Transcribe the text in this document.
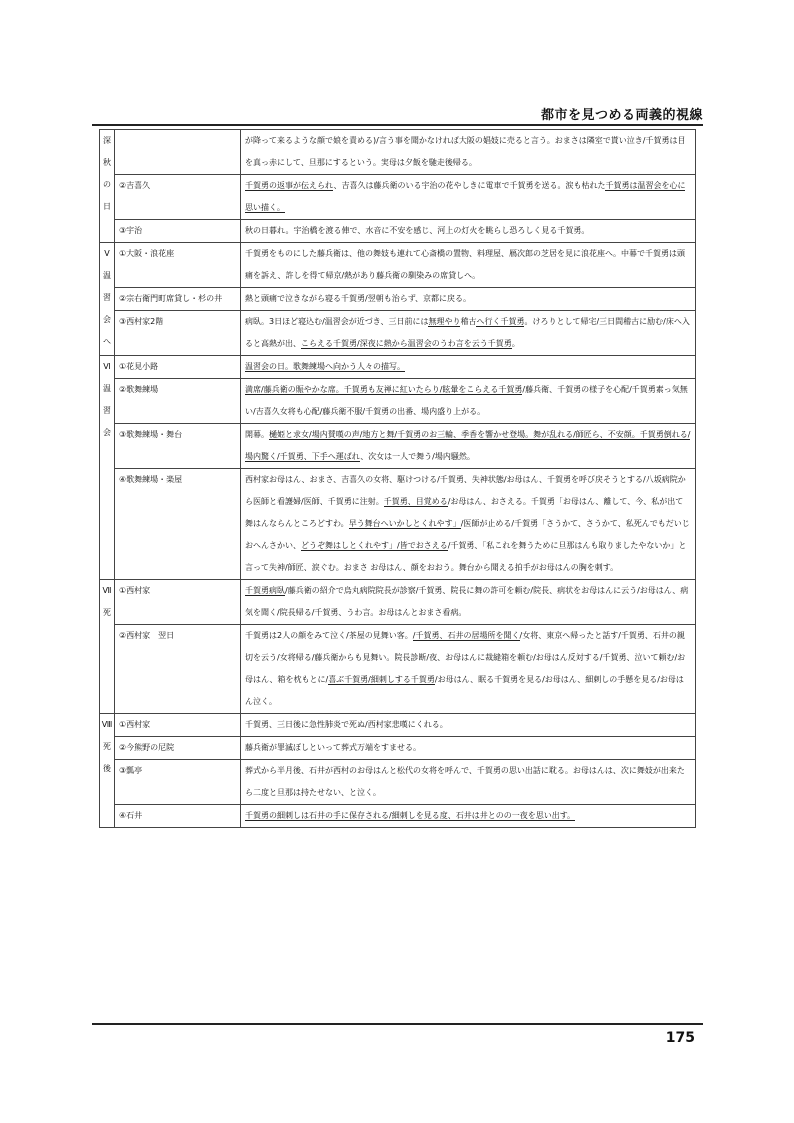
都市を見つめる両義的視線
深
秋
の
日		が降って来るような顔で娘を責める)/言う事を聞かなければ大阪の娼妓に売ると言う。おまさは隣室で貰い泣き/千賀勇は目を真っ赤にして、旦那にするという。実母は夕飯を馳走後帰る。
	②吉喜久	千賀勇の返事が伝えられ、吉喜久は藤兵衛のいる宇治の花やしきに電車で千賀勇を送る。涙も枯れた千賀勇は温習会を心に思い描く。
	③宇治	秋の日暮れ。宇治橋を渡る俥で、水音に不安を感じ、河上の灯火を眺らし恐ろしく見る千賀勇。

Ⅴ
温
習
会
へ	①大阪・浪花座	千賀勇をものにした藤兵衛は、他の舞妓も連れて心斎橋の置物、料理屋、鴈次郎の芝居を見に浪花座へ。中幕で千賀勇は頭痛を訴え、許しを得て帰京/熱があり藤兵衛の馴染みの席貸しへ。
	②宗右衛門町席貸し・杉の井	熱と頭痛で泣きながら寝る千賀勇/翌朝も治らず、京都に戻る。
	③西村家2階	病臥。3日ほど寝込む/温習会が近づき、三日前には無理やり稽古へ行く千賀勇。けろりとして帰宅/三日間稽古に励む/床へ入ると高熱が出、こらえる千賀勇/深夜に熱から温習会のうわ言を云う千賀勇。

Ⅵ
温
習
会	①花見小路	温習会の日。歌舞練場へ向かう人々の描写。
	②歌舞練場	満席/藤兵衛の賑やかな席。千賀勇も友禅に紅いたらり/眩暈をこらえる千賀勇/藤兵衛、千賀勇の様子を心配/千賀勇素っ気無い/吉喜久女将も心配/藤兵衛不服/千賀勇の出番、場内盛り上がる。
	③歌舞練場・舞台	開幕。樋姫と求女/場内賛嘆の声/地方と舞/千賀勇のお三輪、季香を響かせ登場。舞が乱れる/師匠ら、不安顔。千賀勇倒れる/場内驚く/千賀勇、下手へ運ばれ、次女は一人で舞う/場内騒然。
	④歌舞練場・楽屋	西村家お母はん、おまさ、吉喜久の女将、駆けつける/千賀勇、失神状態/お母はん、千賀勇を呼び戻そうとする/八坂病院から医師と看護婦/医師、千賀勇に注射。千賀勇、目覚める/お母はん、おさえる。千賀勇「お母はん、離して、今、私が出て舞はんならんところどすわ。早う舞台へいかしとくれやす」/医師が止める/千賀勇「さうかて、さうかて、私死んでもだいじおへんさかい、どうぞ舞はしとくれやす」/皆でおさえる/千賀勇、「私これを舞うために旦那はんも取りましたやないか」と言って失神/師匠、涙ぐむ。おまさ お母はん、顔をおおう。舞台から聞える拍手がお母はんの胸を刺す。

Ⅶ
死	①西村家	千賀勇病臥/藤兵衛の紹介で烏丸病院院長が診察/千賀勇、院長に舞の許可を頼む/院長、病状をお母はんに云う/お母はん、病気を聞く/院長帰る/千賀勇、うわ言。お母はんとおまさ看病。
	②西村家　翌日	千賀勇は2人の顔をみて泣く/茶屋の見舞い客。/千賀勇、石井の居場所を聞く/女将、東京へ帰ったと話す/千賀勇、石井の親切を云う/女将帰る/藤兵衛からも見舞い。院長診断/夜、お母はんに裁縫箱を頼む/お母はん反対する/千賀勇、泣いて頼む/お母はん、箱を枕もとに/喜ぶ千賀勇/細刺しする千賀勇/お母はん、眠る千賀勇を見る/お母はん、細刺しの手懸を見る/お母はん泣く。

Ⅷ
死
後	①西村家	千賀勇、三日後に急性肺炎で死ぬ/西村家悲嘆にくれる。
	②今熊野の尼院	藤兵衛が罪滅ぼしといって葬式万端をすませる。
	③瓢亭	葬式から半月後、石井が西村のお母はんと松代の女将を呼んで、千賀勇の思い出話に耽る。お母はんは、次に舞妓が出来たら二度と旦那は持たせない、と泣く。
	④石井	千賀勇の細刺しは石井の手に保存される/細刺しを見る度、石井は井とのの一夜を思い出す。
175
